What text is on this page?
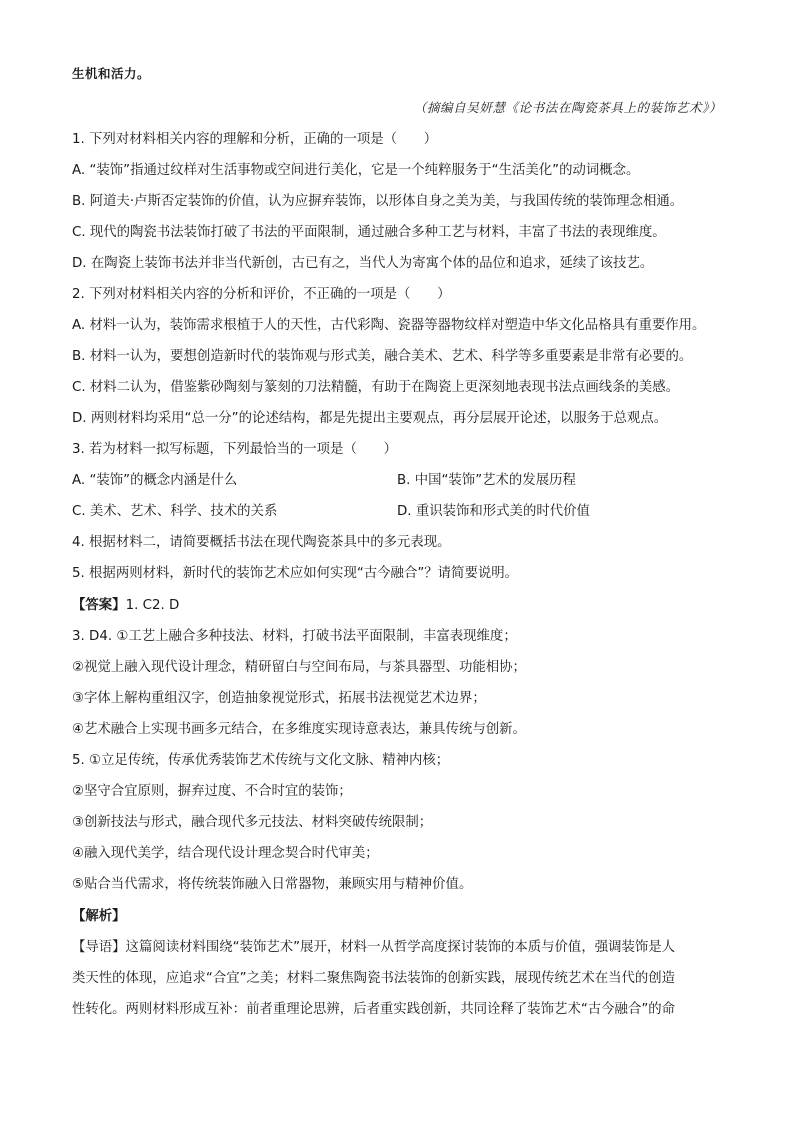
生机和活力。
（摘编自吴妍慧《论书法在陶瓷茶具上的装饰艺术》）
1. 下列对材料相关内容的理解和分析，正确的一项是（　　）
A. “装饰”指通过纹样对生活事物或空间进行美化，它是一个纯粹服务于“生活美化”的动词概念。
B. 阿道夫·卢斯否定装饰的价值，认为应摒弃装饰，以形体自身之美为美，与我国传统的装饰理念相通。
C. 现代的陶瓷书法装饰打破了书法的平面限制，通过融合多种工艺与材料，丰富了书法的表现维度。
D. 在陶瓷上装饰书法并非当代新创，古已有之，当代人为寄寓个体的品位和追求，延续了该技艺。
2. 下列对材料相关内容的分析和评价，不正确的一项是（　　）
A. 材料一认为，装饰需求根植于人的天性，古代彩陶、瓷器等器物纹样对塑造中华文化品格具有重要作用。
B. 材料一认为，要想创造新时代的装饰观与形式美，融合美术、艺术、科学等多重要素是非常有必要的。
C. 材料二认为，借鉴紫砂陶刻与篆刻的刀法精髓，有助于在陶瓷上更深刻地表现书法点画线条的美感。
D. 两则材料均采用“总一分”的论述结构，都是先提出主要观点，再分层展开论述，以服务于总观点。
3. 若为材料一拟写标题，下列最恰当的一项是（　　）
A. “装饰”的概念内涵是什么	B. 中国“装饰”艺术的发展历程
C. 美术、艺术、科学、技术的关系	D. 重识装饰和形式美的时代价值
4. 根据材料二，请简要概括书法在现代陶瓷茶具中的多元表现。
5. 根据两则材料，新时代的装饰艺术应如何实现“古今融合”？请简要说明。
【答案】1. C2. D
3. D4. ①工艺上融合多种技法、材料，打破书法平面限制，丰富表现维度；
②视觉上融入现代设计理念，精研留白与空间布局，与茶具器型、功能相协；
③字体上解构重组汉字，创造抽象视觉形式，拓展书法视觉艺术边界；
④艺术融合上实现书画多元结合，在多维度实现诗意表达，兼具传统与创新。
5. ①立足传统，传承优秀装饰艺术传统与文化文脉、精神内核；
②坚守合宜原则，摒弃过度、不合时宜的装饰；
③创新技法与形式，融合现代多元技法、材料突破传统限制；
④融入现代美学，结合现代设计理念契合时代审美；
⑤贴合当代需求，将传统装饰融入日常器物，兼顾实用与精神价值。
【解析】
【导语】这篇阅读材料围绕“装饰艺术”展开，材料一从哲学高度探讨装饰的本质与价值，强调装饰是人
类天性的体现，应追求“合宜”之美；材料二聚焦陶瓷书法装饰的创新实践，展现传统艺术在当代的创造
性转化。两则材料形成互补：前者重理论思辨，后者重实践创新，共同诠释了装饰艺术“古今融合”的命
